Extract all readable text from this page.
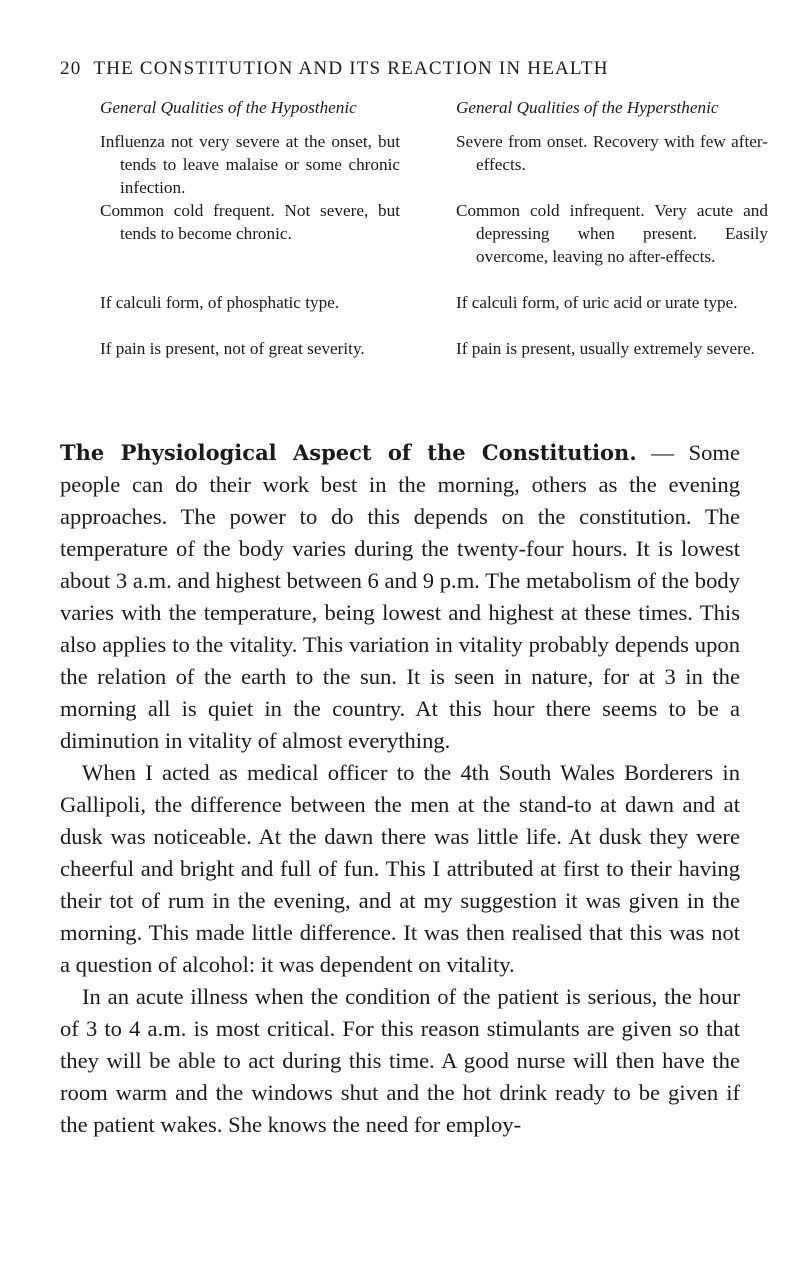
20 THE CONSTITUTION AND ITS REACTION IN HEALTH
General Qualities of the Hyposthenic
Influenza not very severe at the onset, but tends to leave malaise or some chronic infection.
Common cold frequent. Not severe, but tends to become chronic.
If calculi form, of phosphatic type.
If pain is present, not of great severity.
General Qualities of the Hypersthenic
Severe from onset. Recovery with few after-effects.
Common cold infrequent. Very acute and depressing when present. Easily overcome, leaving no after-effects.
If calculi form, of uric acid or urate type.
If pain is present, usually extremely severe.

The Physiological Aspect of the Constitution. — Some people can do their work best in the morning, others as the evening approaches. The power to do this depends on the constitution. The temperature of the body varies during the twenty-four hours. It is lowest about 3 a.m. and highest between 6 and 9 p.m. The metabolism of the body varies with the temperature, being lowest and highest at these times. This also applies to the vitality. This variation in vitality probably depends upon the relation of the earth to the sun. It is seen in nature, for at 3 in the morning all is quiet in the country. At this hour there seems to be a diminution in vitality of almost everything.

When I acted as medical officer to the 4th South Wales Borderers in Gallipoli, the difference between the men at the stand-to at dawn and at dusk was noticeable. At the dawn there was little life. At dusk they were cheerful and bright and full of fun. This I attributed at first to their having their tot of rum in the evening, and at my suggestion it was given in the morning. This made little difference. It was then realised that this was not a question of alcohol: it was dependent on vitality.

In an acute illness when the condition of the patient is serious, the hour of 3 to 4 a.m. is most critical. For this reason stimulants are given so that they will be able to act during this time. A good nurse will then have the room warm and the windows shut and the hot drink ready to be given if the patient wakes. She knows the need for employ-
